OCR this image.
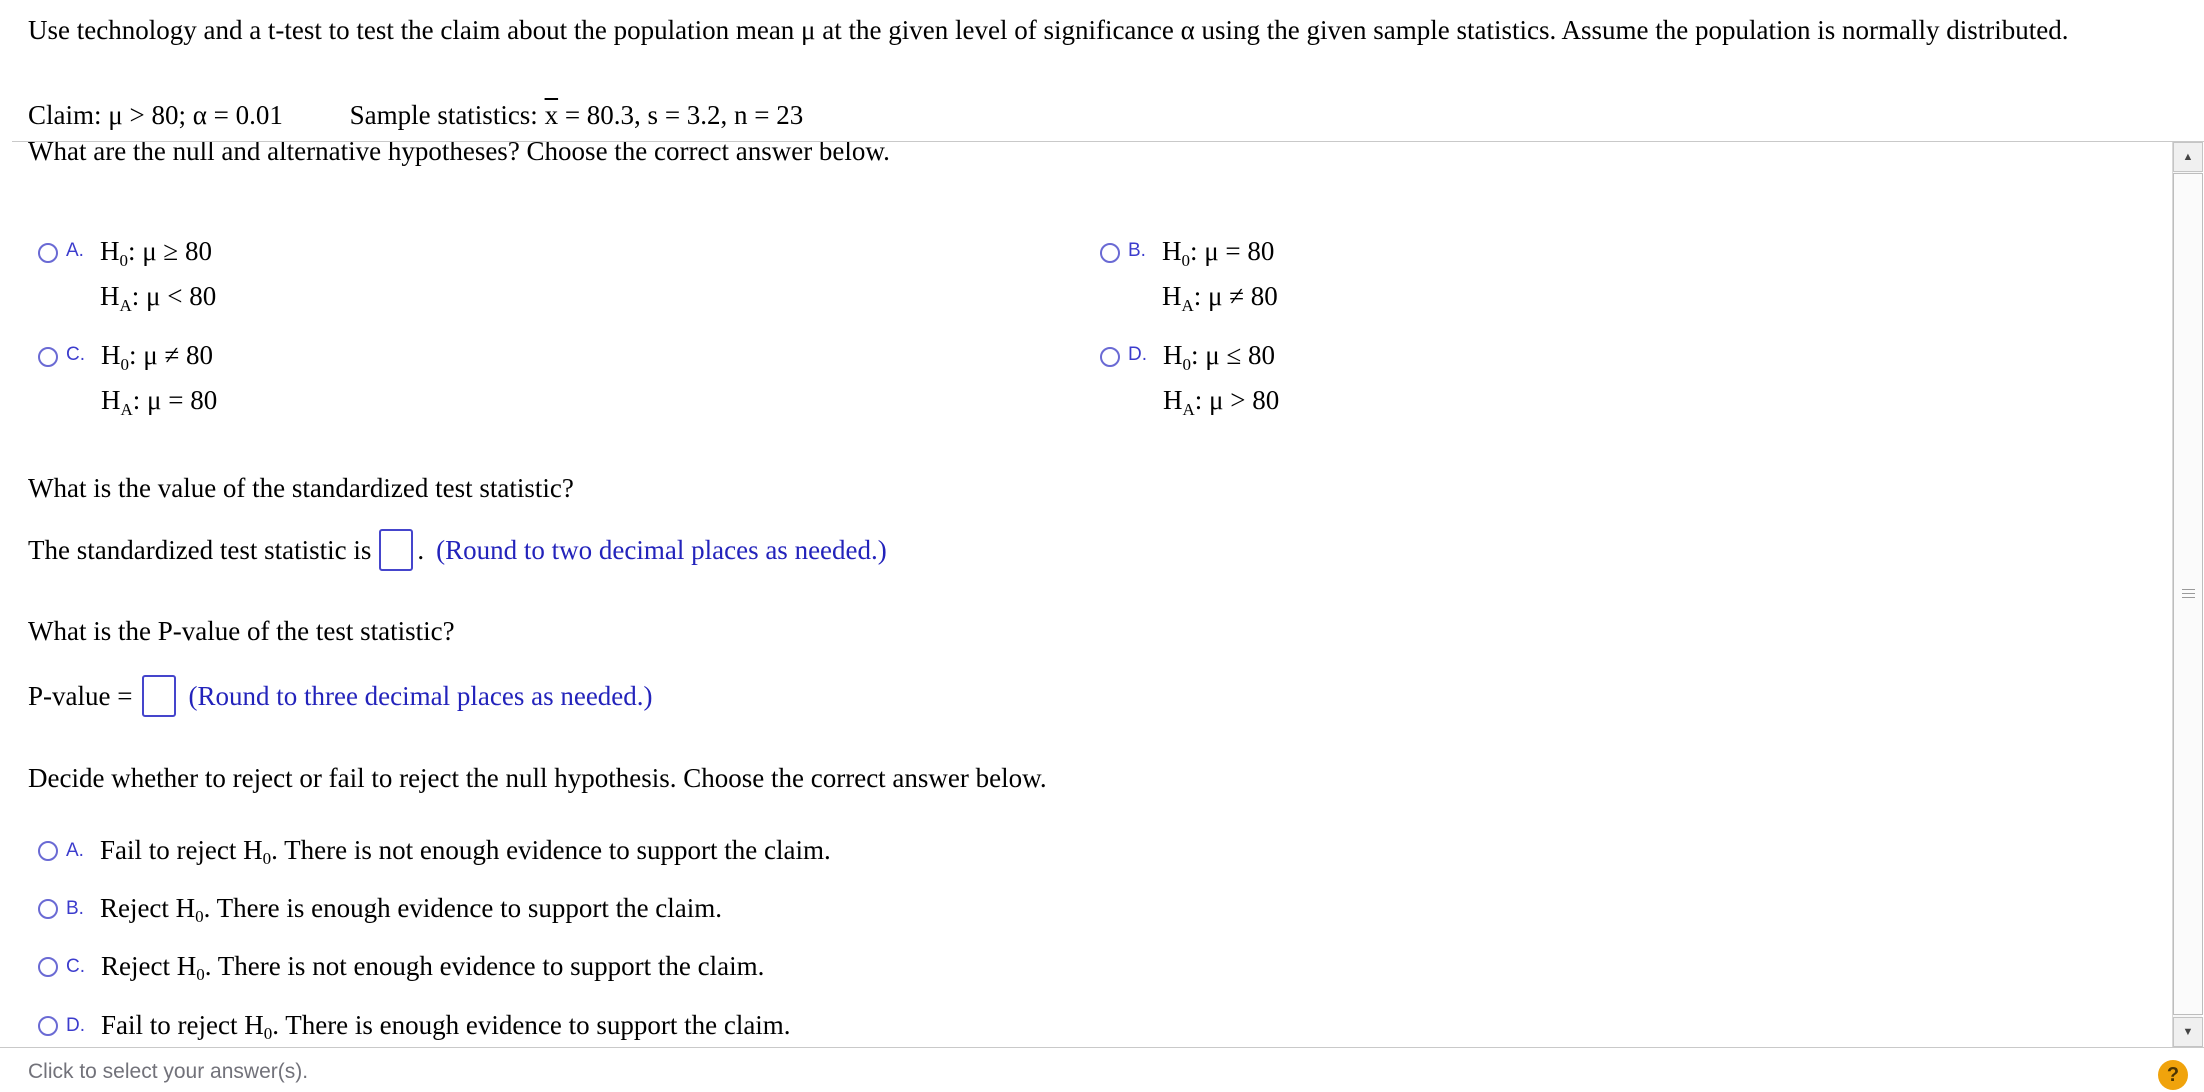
Use technology and a t-test to test the claim about the population mean μ at the given level of significance α using the given sample statistics. Assume the population is normally distributed.
Claim: μ > 80; α = 0.01 Sample statistics: $\overline{x} = 80.3$, s = 3.2, n = 23
What are the null and alternative hypotheses? Choose the correct answer below.
A. $H_0$: μ ≥ 80
$H_A$: μ < 80
B. $H_0$: μ = 80
$H_A$: μ ≠ 80
C. $H_0$: μ ≠ 80
$H_A$: μ = 80
D. $H_0$: μ ≤ 80
$H_A$: μ > 80
What is the value of the standardized test statistic?
The standardized test statistic is . (Round to two decimal places as needed.)
What is the P-value of the test statistic?
P-value = (Round to three decimal places as needed.)
Decide whether to reject or fail to reject the null hypothesis. Choose the correct answer below.
A. Fail to reject $H_0$. There is not enough evidence to support the claim.
B. Reject $H_0$. There is enough evidence to support the claim.
C. Reject $H_0$. There is not enough evidence to support the claim.
D. Fail to reject $H_0$. There is enough evidence to support the claim.
▲
▼
Click to select your answer(s).	?
